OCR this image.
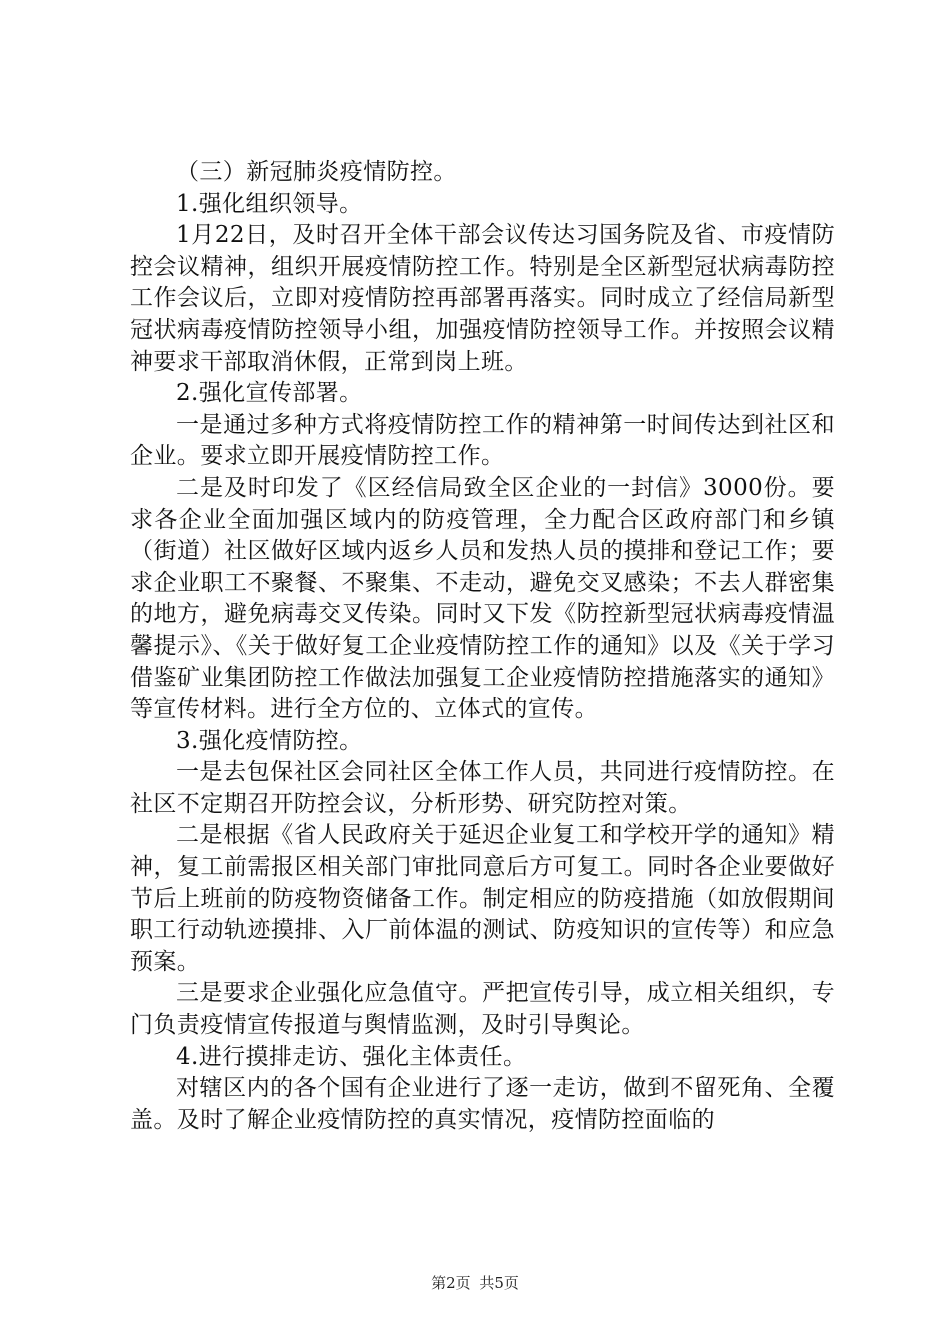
（三）新冠肺炎疫情防控。

1.强化组织领导。

1月22日，及时召开全体干部会议传达习国务院及省、市疫情防控会议精神，组织开展疫情防控工作。特别是全区新型冠状病毒防控工作会议后，立即对疫情防控再部署再落实。同时成立了经信局新型冠状病毒疫情防控领导小组，加强疫情防控领导工作。并按照会议精神要求干部取消休假，正常到岗上班。

2.强化宣传部署。

一是通过多种方式将疫情防控工作的精神第一时间传达到社区和企业。要求立即开展疫情防控工作。

二是及时印发了《区经信局致全区企业的一封信》3000份。要求各企业全面加强区域内的防疫管理，全力配合区政府部门和乡镇（街道）社区做好区域内返乡人员和发热人员的摸排和登记工作；要求企业职工不聚餐、不聚集、不走动，避免交叉感染；不去人群密集的地方，避免病毒交叉传染。同时又下发《防控新型冠状病毒疫情温馨提示》、《关于做好复工企业疫情防控工作的通知》以及《关于学习借鉴矿业集团防控工作做法加强复工企业疫情防控措施落实的通知》等宣传材料。进行全方位的、立体式的宣传。

3.强化疫情防控。

一是去包保社区会同社区全体工作人员，共同进行疫情防控。在社区不定期召开防控会议，分析形势、研究防控对策。

二是根据《省人民政府关于延迟企业复工和学校开学的通知》精神，复工前需报区相关部门审批同意后方可复工。同时各企业要做好节后上班前的防疫物资储备工作。制定相应的防疫措施（如放假期间职工行动轨迹摸排、入厂前体温的测试、防疫知识的宣传等）和应急预案。

三是要求企业强化应急值守。严把宣传引导，成立相关组织，专门负责疫情宣传报道与舆情监测，及时引导舆论。

4.进行摸排走访、强化主体责任。

对辖区内的各个国有企业进行了逐一走访，做到不留死角、全覆盖。及时了解企业疫情防控的真实情况，疫情防控面临的

第2页 共5页
